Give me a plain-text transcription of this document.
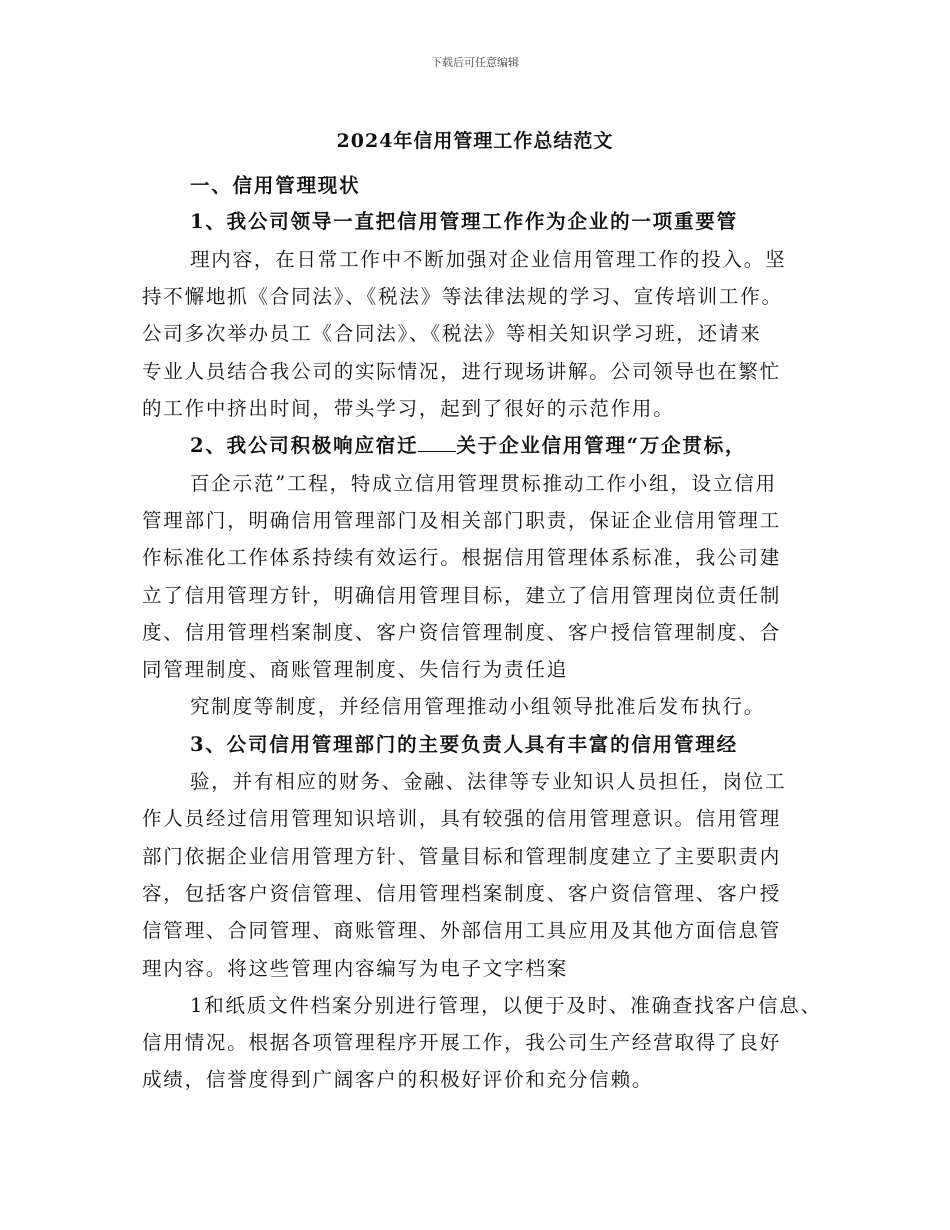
下载后可任意编辑
2024年信用管理工作总结范文
一、信用管理现状
1、我公司领导一直把信用管理工作作为企业的一项重要管
理内容，在日常工作中不断加强对企业信用管理工作的投入。坚
持不懈地抓《合同法》、《税法》等法律法规的学习、宣传培训工作。
公司多次举办员工《合同法》、《税法》等相关知识学习班，还请来
专业人员结合我公司的实际情况，进行现场讲解。公司领导也在繁忙
的工作中挤出时间，带头学习，起到了很好的示范作用。
2、我公司积极响应宿迁 关于企业信用管理“万企贯标，
百企示范”工程，特成立信用管理贯标推动工作小组，设立信用
管理部门，明确信用管理部门及相关部门职责，保证企业信用管理工
作标准化工作体系持续有效运行。根据信用管理体系标准，我公司建
立了信用管理方针，明确信用管理目标，建立了信用管理岗位责任制
度、信用管理档案制度、客户资信管理制度、客户授信管理制度、合
同管理制度、商账管理制度、失信行为责任追
究制度等制度，并经信用管理推动小组领导批准后发布执行。
3、公司信用管理部门的主要负责人具有丰富的信用管理经
验，并有相应的财务、金融、法律等专业知识人员担任，岗位工
作人员经过信用管理知识培训，具有较强的信用管理意识。信用管理
部门依据企业信用管理方针、管量目标和管理制度建立了主要职责内
容，包括客户资信管理、信用管理档案制度、客户资信管理、客户授
信管理、合同管理、商账管理、外部信用工具应用及其他方面信息管
理内容。将这些管理内容编写为电子文字档案
1和纸质文件档案分别进行管理，以便于及时、准确查找客户信息、
信用情况。根据各项管理程序开展工作，我公司生产经营取得了良好
成绩，信誉度得到广阔客户的积极好评价和充分信赖。
